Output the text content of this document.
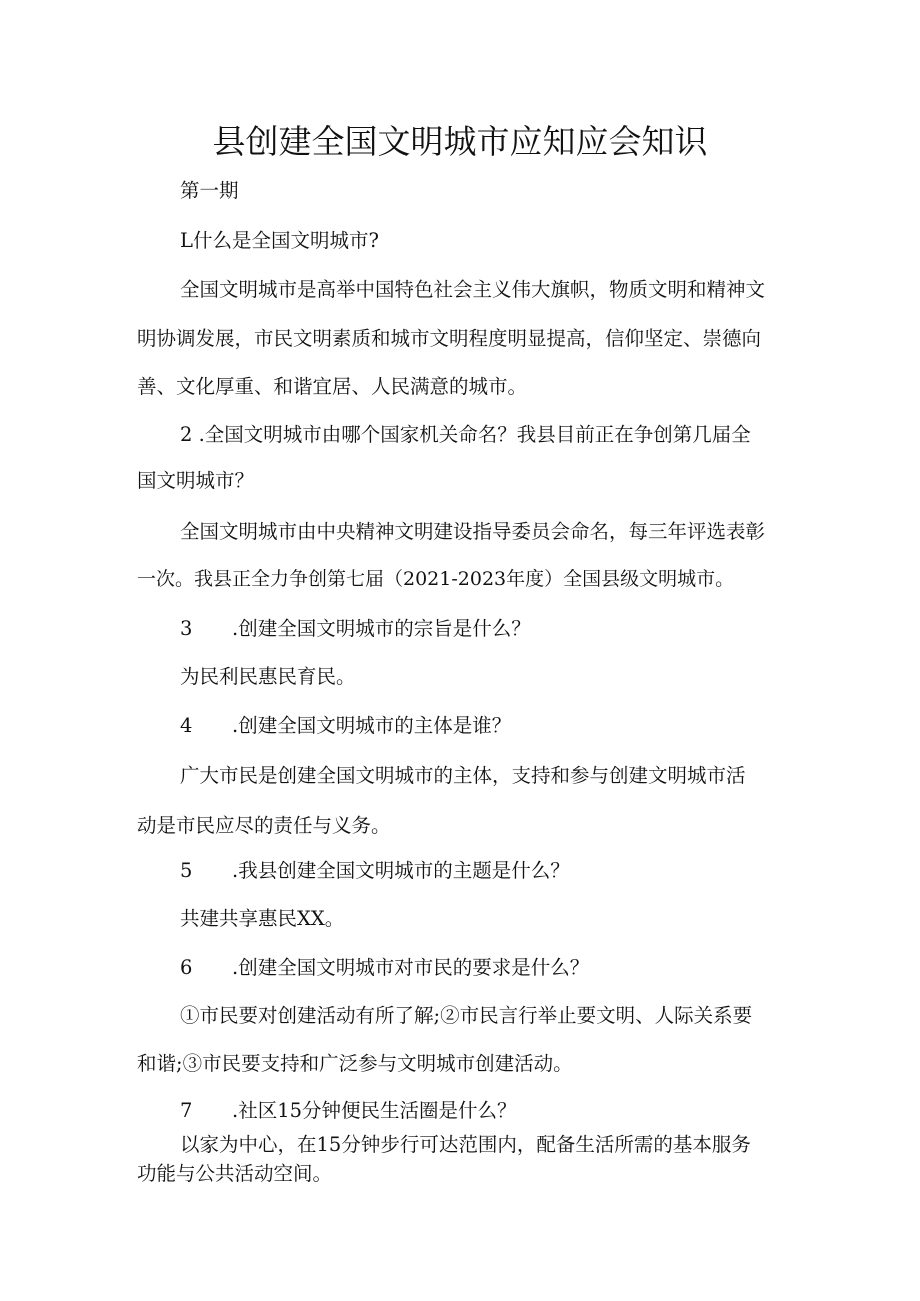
县创建全国文明城市应知应会知识
第一期
L什么是全国文明城市?
全国文明城市是高举中国特色社会主义伟大旗帜，物质文明和精神文
明协调发展，市民文明素质和城市文明程度明显提高，信仰坚定、崇德向
善、文化厚重、和谐宜居、人民满意的城市。
2 .全国文明城市由哪个国家机关命名？我县目前正在争创第几届全
国文明城市？
全国文明城市由中央精神文明建设指导委员会命名，每三年评选表彰
一次。我县正全力争创第七届（2021-2023年度）全国县级文明城市。
3 .创建全国文明城市的宗旨是什么？
为民利民惠民育民。
4 .创建全国文明城市的主体是谁？
广大市民是创建全国文明城市的主体，支持和参与创建文明城市活
动是市民应尽的责任与义务。
5 .我县创建全国文明城市的主题是什么？
共建共享惠民XX。
6 .创建全国文明城市对市民的要求是什么？
①市民要对创建活动有所了解;②市民言行举止要文明、人际关系要
和谐;③市民要支持和广泛参与文明城市创建活动。
7 .社区15分钟便民生活圈是什么？
以家为中心，在15分钟步行可达范围内，配备生活所需的基本服务
功能与公共活动空间。
